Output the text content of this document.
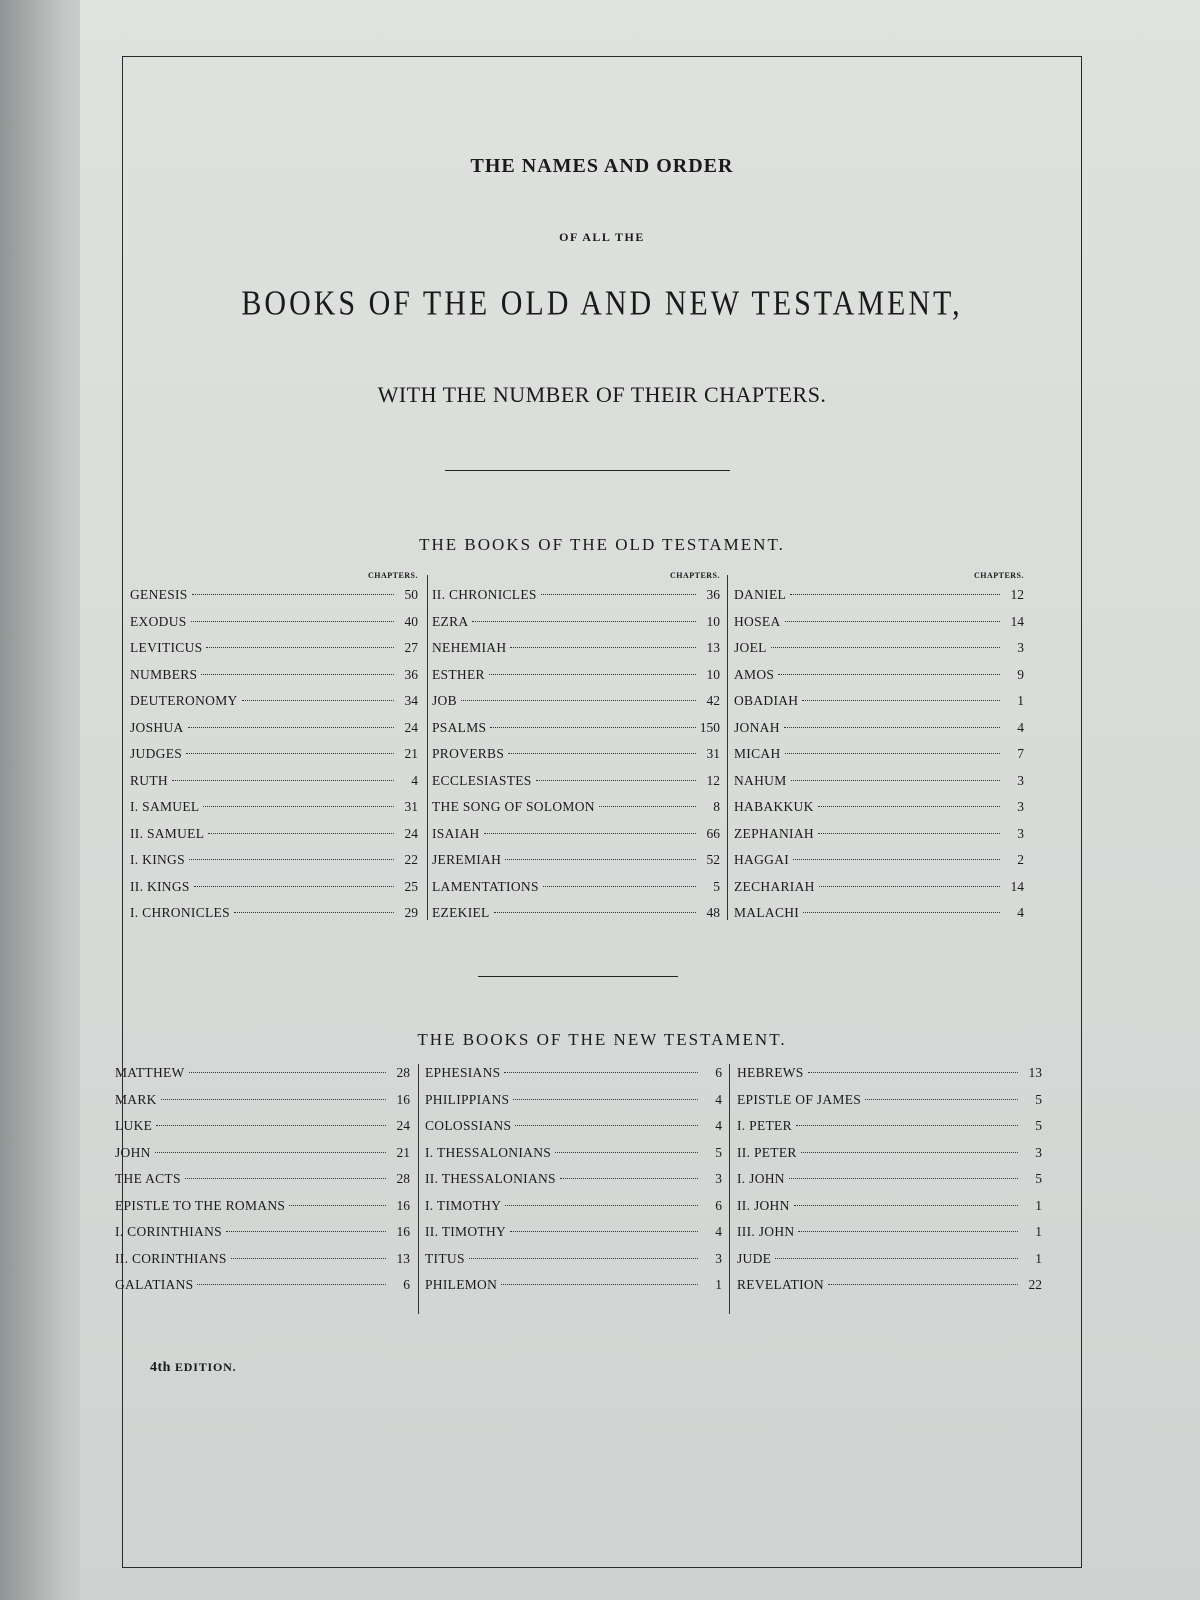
THE NAMES AND ORDER
OF ALL THE
BOOKS OF THE OLD AND NEW TESTAMENT,
WITH THE NUMBER OF THEIR CHAPTERS.
THE BOOKS OF THE OLD TESTAMENT.
CHAPTERS.
GENESIS	50
EXODUS	40
LEVITICUS	27
NUMBERS	36
DEUTERONOMY	34
JOSHUA	24
JUDGES	21
RUTH	4
I. SAMUEL	31
II. SAMUEL	24
I. KINGS	22
II. KINGS	25
I. CHRONICLES	29
CHAPTERS.
II. CHRONICLES	36
EZRA	10
NEHEMIAH	13
ESTHER	10
JOB	42
PSALMS	150
PROVERBS	31
ECCLESIASTES	12
THE SONG OF SOLOMON	8
ISAIAH	66
JEREMIAH	52
LAMENTATIONS	5
EZEKIEL	48
CHAPTERS.
DANIEL	12
HOSEA	14
JOEL	3
AMOS	9
OBADIAH	1
JONAH	4
MICAH	7
NAHUM	3
HABAKKUK	3
ZEPHANIAH	3
HAGGAI	2
ZECHARIAH	14
MALACHI	4
THE BOOKS OF THE NEW TESTAMENT.
MATTHEW	28
MARK	16
LUKE	24
JOHN	21
THE ACTS	28
EPISTLE TO THE ROMANS	16
I. CORINTHIANS	16
II. CORINTHIANS	13
GALATIANS	6
EPHESIANS	6
PHILIPPIANS	4
COLOSSIANS	4
I. THESSALONIANS	5
II. THESSALONIANS	3
I. TIMOTHY	6
II. TIMOTHY	4
TITUS	3
PHILEMON	1
HEBREWS	13
EPISTLE OF JAMES	5
I. PETER	5
II. PETER	3
I. JOHN	5
II. JOHN	1
III. JOHN	1
JUDE	1
REVELATION	22
4th EDITION.
